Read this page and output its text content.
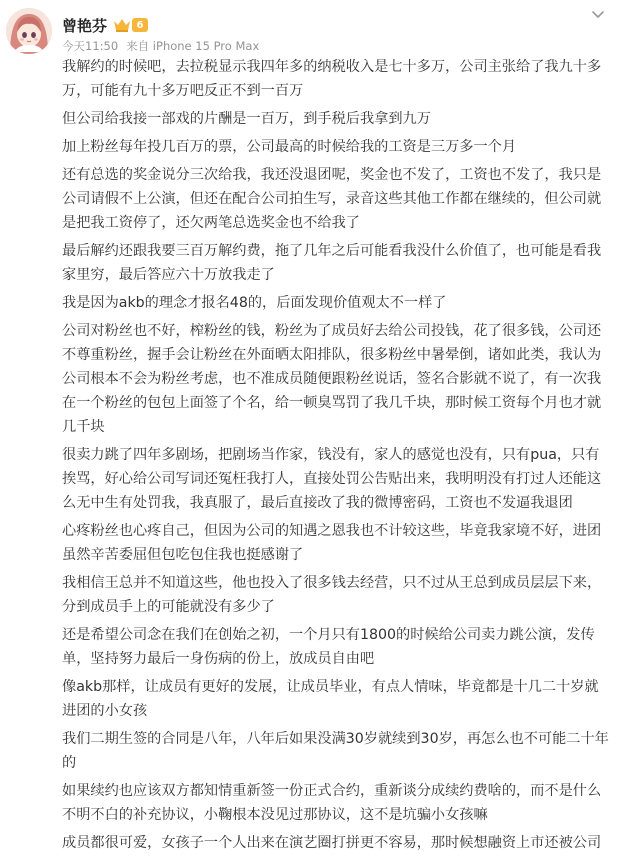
曾艳芬	6
今天11:50 来自 iPhone 15 Pro Max

我解约的时候吧，去拉税显示我四年多的纳税收入是七十多万，公司主张给了我九十多万，可能有九十多万吧反正不到一百万

但公司给我接一部戏的片酬是一百万，到手税后我拿到九万

加上粉丝每年投几百万的票，公司最高的时候给我的工资是三万多一个月

还有总选的奖金说分三次给我，我还没退团呢，奖金也不发了，工资也不发了，我只是公司请假不上公演，但还在配合公司拍生写，录音这些其他工作都在继续的，但公司就是把我工资停了，还欠两笔总选奖金也不给我了

最后解约还跟我要三百万解约费，拖了几年之后可能看我没什么价值了，也可能是看我家里穷，最后答应六十万放我走了

我是因为akb的理念才报名48的，后面发现价值观太不一样了

公司对粉丝也不好，榨粉丝的钱，粉丝为了成员好去给公司投钱，花了很多钱，公司还不尊重粉丝，握手会让粉丝在外面晒太阳排队，很多粉丝中暑晕倒，诸如此类，我认为公司根本不会为粉丝考虑，也不准成员随便跟粉丝说话，签名合影就不说了，有一次我在一个粉丝的包包上面签了个名，给一顿臭骂罚了我几千块，那时候工资每个月也才就几千块

很卖力跳了四年多剧场，把剧场当作家，钱没有，家人的感觉也没有，只有pua，只有挨骂，好心给公司写词还冤枉我打人，直接处罚公告贴出来，我明明没有打过人还能这么无中生有处罚我，我真服了，最后直接改了我的微博密码，工资也不发逼我退团

心疼粉丝也心疼自己，但因为公司的知遇之恩我也不计较这些，毕竟我家境不好，进团虽然辛苦委屈但包吃包住我也挺感谢了

我相信王总并不知道这些，他也投入了很多钱去经营，只不过从王总到成员层层下来，分到成员手上的可能就没有多少了

还是希望公司念在我们在创始之初，一个月只有1800的时候给公司卖力跳公演，发传单，坚持努力最后一身伤病的份上，放成员自由吧

像akb那样，让成员有更好的发展，让成员毕业，有点人情味，毕竟都是十几二十岁就进团的小女孩

我们二期生签的合同是八年，八年后如果没满30岁就续到30岁，再怎么也不可能二十年的

如果续约也应该双方都知情重新签一份正式合约，重新谈分成续约费啥的，而不是什么不明不白的补充协议，小鞠根本没见过那协议，这不是坑骗小女孩嘛

成员都很可爱，女孩子一个人出来在演艺圈打拼更不容易，那时候想融资上市还被公司
